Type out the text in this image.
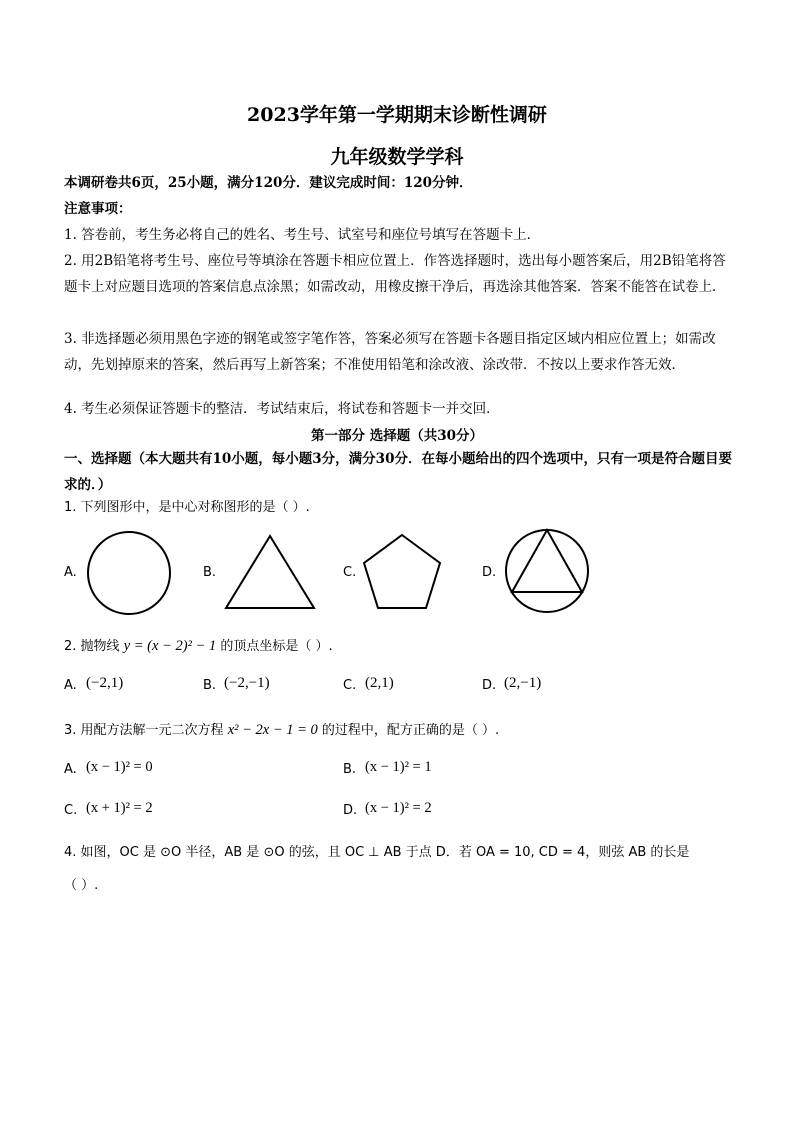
2023学年第一学期期末诊断性调研
九年级数学学科
本调研卷共6页，25小题，满分120分．建议完成时间：120分钟．
注意事项：
1. 答卷前，考生务必将自己的姓名、考生号、试室号和座位号填写在答题卡上．
2. 用2B铅笔将考生号、座位号等填涂在答题卡相应位置上．作答选择题时，选出每小题答案后，用2B铅笔将答题卡上对应题目选项的答案信息点涂黑；如需改动，用橡皮擦干净后，再选涂其他答案．答案不能答在试卷上．
3. 非选择题必须用黑色字迹的钢笔或签字笔作答，答案必须写在答题卡各题目指定区域内相应位置上；如需改动，先划掉原来的答案，然后再写上新答案；不准使用铅笔和涂改液、涂改带．不按以上要求作答无效．
4. 考生必须保证答题卡的整洁．考试结束后，将试卷和答题卡一并交回．
第一部分 选择题（共30分）
一、选择题（本大题共有10小题，每小题3分，满分30分．在每小题给出的四个选项中，只有一项是符合题目要求的．）
1. 下列图形中，是中心对称图形的是（ ）.
A.	B.	C.	D.
2. 抛物线 y = (x − 2)² − 1 的顶点坐标是（ ）.
A. (−2,1)	B. (−2,−1)	C. (2,1)	D. (2,−1)
3. 用配方法解一元二次方程 x² − 2x − 1 = 0 的过程中，配方正确的是（ ）.
A. (x − 1)² = 0	B. (x − 1)² = 1
C. (x + 1)² = 2	D. (x − 1)² = 2
4. 如图，OC 是 ⊙O 半径，AB 是 ⊙O 的弦，且 OC ⊥ AB 于点 D．若 OA = 10, CD = 4，则弦 AB 的长是
（ ）.
